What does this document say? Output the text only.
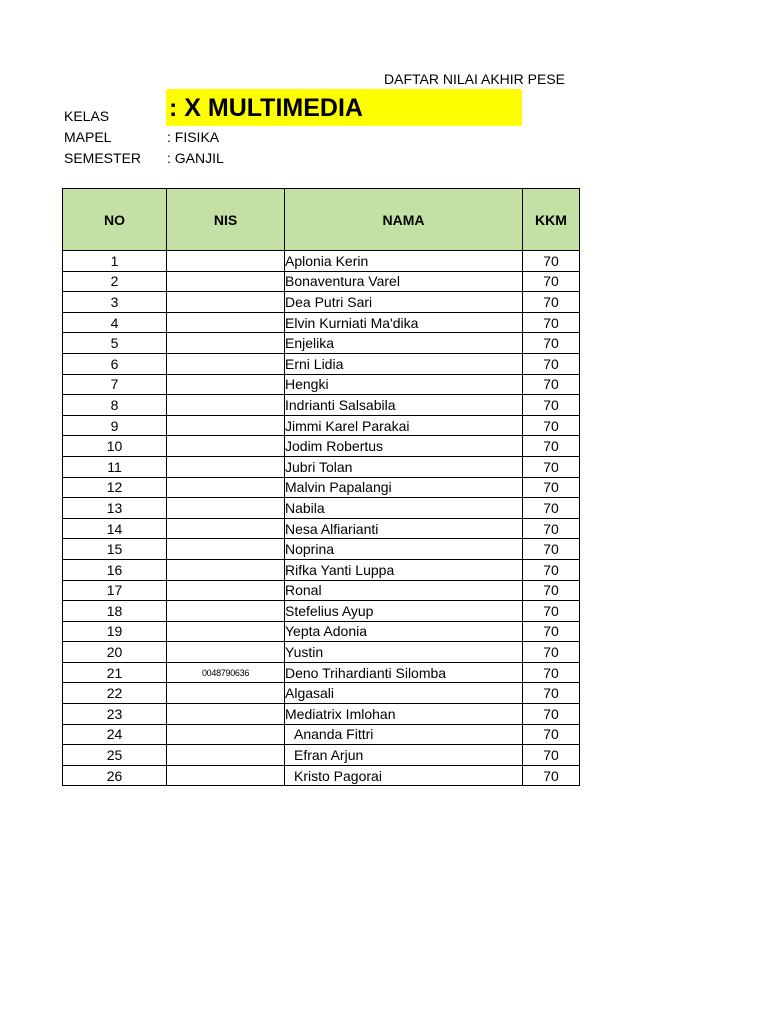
DAFTAR NILAI AKHIR PESE
: X MULTIMEDIA
KELAS
MAPEL	: FISIKA
SEMESTER : GANJIL
NO	NIS	NAMA	KKM
1		Aplonia Kerin	70
2		Bonaventura Varel	70
3		Dea Putri Sari	70
4		Elvin Kurniati Ma'dika	70
5		Enjelika	70
6		Erni Lidia	70
7		Hengki	70
8		Indrianti Salsabila	70
9		Jimmi Karel Parakai	70
10		Jodim Robertus	70
11		Jubri Tolan	70
12		Malvin Papalangi	70
13		Nabila	70
14		Nesa Alfiarianti	70
15		Noprina	70
16		Rifka Yanti Luppa	70
17		Ronal	70
18		Stefelius Ayup	70
19		Yepta Adonia	70
20		Yustin	70
21	0048790636	Deno Trihardianti Silomba	70
22		Algasali	70
23		Mediatrix Imlohan	70
24		Ananda Fittri	70
25		Efran Arjun	70
26		Kristo Pagorai	70
